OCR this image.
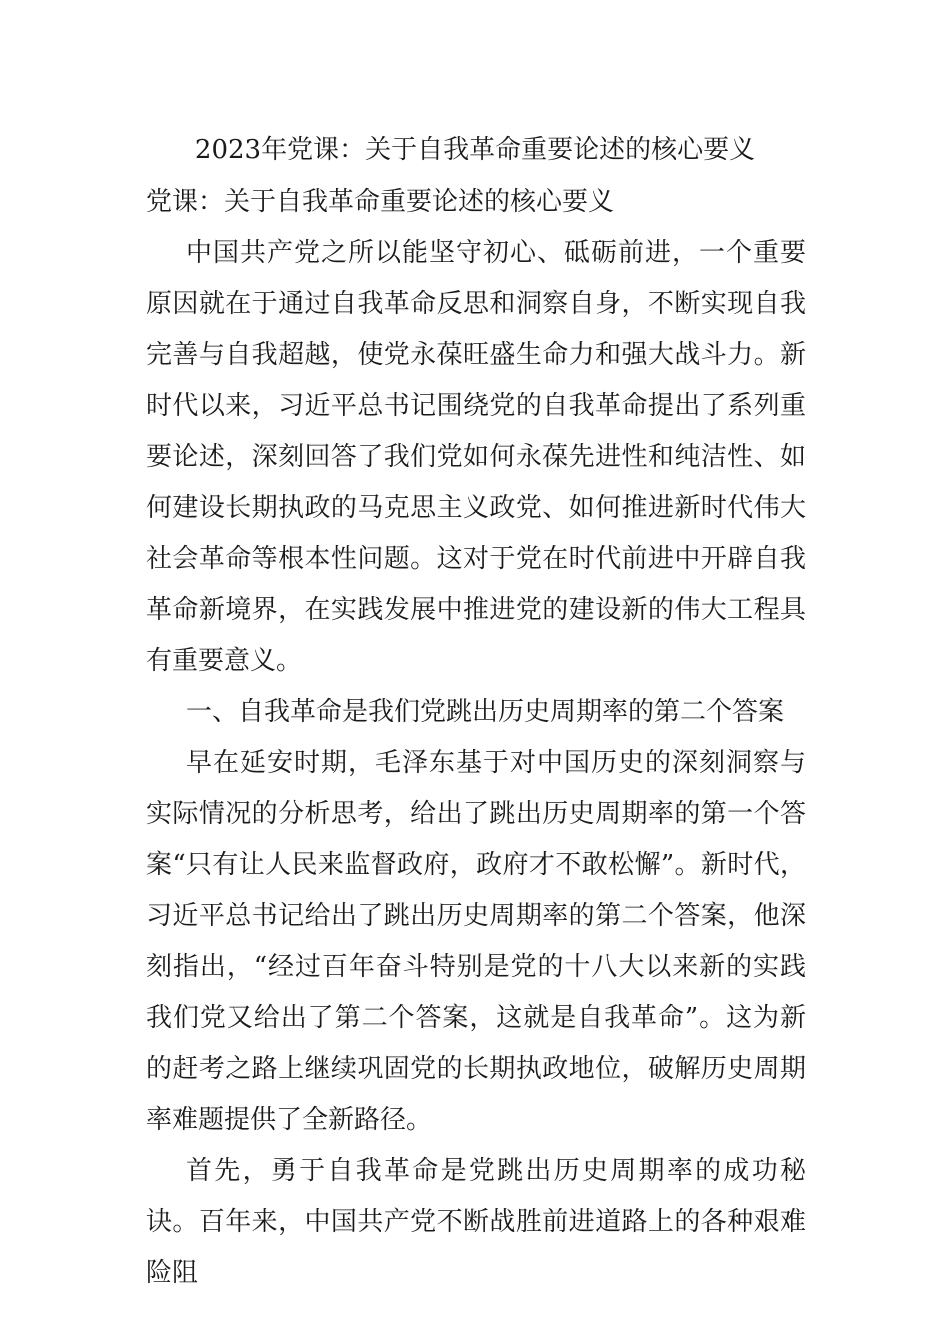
2023年党课：关于自我革命重要论述的核心要义

党课：关于自我革命重要论述的核心要义

中国共产党之所以能坚守初心、砥砺前进，一个重要原因就在于通过自我革命反思和洞察自身，不断实现自我完善与自我超越，使党永葆旺盛生命力和强大战斗力。新时代以来，习近平总书记围绕党的自我革命提出了系列重要论述，深刻回答了我们党如何永葆先进性和纯洁性、如何建设长期执政的马克思主义政党、如何推进新时代伟大社会革命等根本性问题。这对于党在时代前进中开辟自我革命新境界，在实践发展中推进党的建设新的伟大工程具有重要意义。

一、自我革命是我们党跳出历史周期率的第二个答案

早在延安时期，毛泽东基于对中国历史的深刻洞察与实际情况的分析思考，给出了跳出历史周期率的第一个答案“只有让人民来监督政府，政府才不敢松懈”。新时代，习近平总书记给出了跳出历史周期率的第二个答案，他深刻指出，“经过百年奋斗特别是党的十八大以来新的实践我们党又给出了第二个答案，这就是自我革命”。这为新的赶考之路上继续巩固党的长期执政地位，破解历史周期率难题提供了全新路径。

首先，勇于自我革命是党跳出历史周期率的成功秘诀。百年来，中国共产党不断战胜前进道路上的各种艰难险阻
